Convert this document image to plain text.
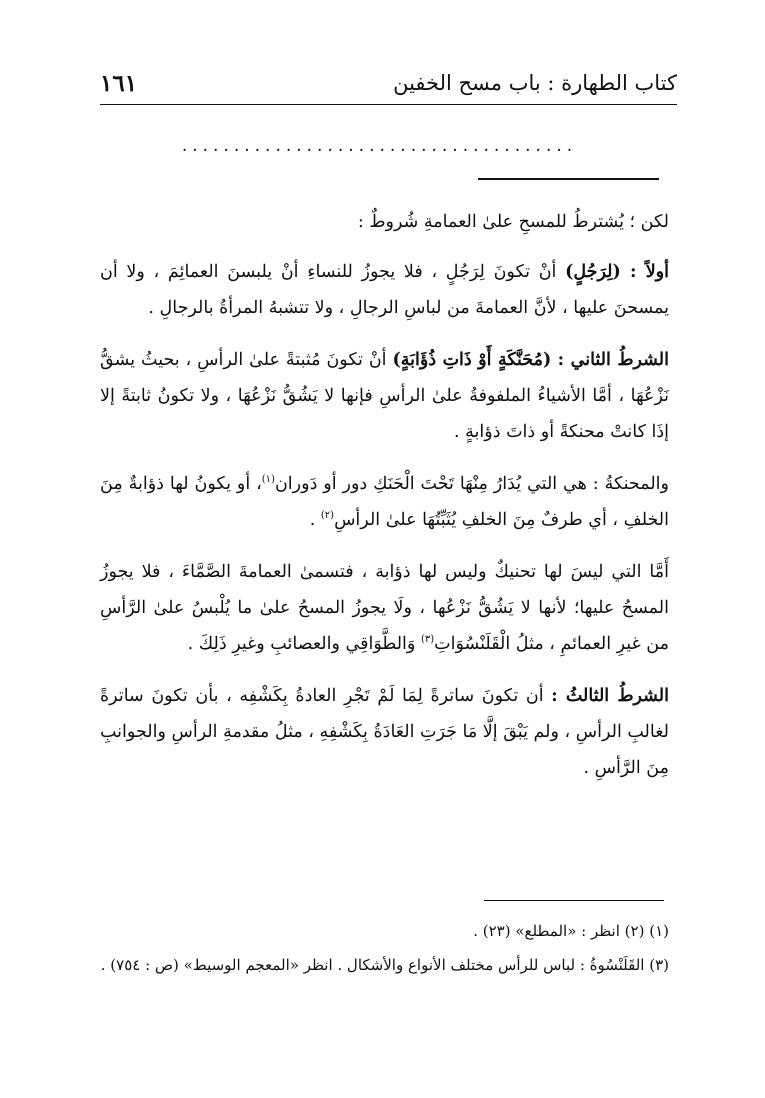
كتاب الطهارة : باب مسح الخفين
١٦١
......................................

لكن ؛ يُشترطُ للمسحِ علىٰ العمامةِ شُروطٌ :

أولاً : (لِرَجُلٍ) أنْ تكونَ لِرَجُلٍ ، فلا يجوزُ للنساءِ أنْ يلبسنَ العمائِمَ ، ولا أن يمسحنَ عليها ، لأنَّ العمامةَ من لباسِ الرجالِ ، ولا تتشبهُ المرأةُ بالرجالِ .

الشرطُ الثاني : (مُحَنَّكَةٍ أَوْ ذَاتِ ذُؤَابَةٍ) أنْ تكونَ مُثبتةً علىٰ الرأسِ ، بحيثُ يشقُّ نَزْعُهَا ، أمَّا الأشياءُ الملفوفةُ علىٰ الرأسِ فإنها لا يَشُقُّ نَزْعُهَا ، ولا تكونُ ثابتةً إلا إذَا كانتْ محنكةً أو ذاتَ ذؤابةٍ .

والمحنكةُ : هي التي يُدَارُ مِنْهَا تَحْتَ الْحَنَكِ دور أو دَوران$^{(١)}$، أو يكونُ لها ذؤابةٌ مِنَ الخلفِ ، أي طرفٌ مِنَ الخلفِ يُثَبِّتُهَا علىٰ الرأسِ$^{(٢)}$ .

أَمَّا التي ليسَ لها تحنيكٌ وليس لها ذؤابة ، فتسمىٰ العمامةَ الصَّمَّاءَ ، فلا يجوزُ المسحُ عليها؛ لأنها لا يَشُقُّ نَزْعُها ، ولَا يجوزُ المسحُ علىٰ ما يُلْبسُ علىٰ الرَّأسِ من غيرِ العمائمِ ، مثلُ الْقَلَنْسُوَاتِ$^{(٣)}$ وَالطَّوَاقِي والعصائبِ وغيرِ ذَلِكَ .

الشرطُ الثالثُ : أن تكونَ ساترةً لِمَا لَمْ تَجْرِ العادةُ بِكَشْفِه ، بأن تكونَ ساترةً لغالبِ الرأسِ ، ولم يَبْقَ إلَّا مَا جَرَتِ العَادَةُ بِكَشْفِهِ ، مثلُ مقدمةِ الرأسِ والجوانبِ مِنَ الرَّأسِ .

(١) (٢) انظر : «المطلع» (٢٣) .

(٣) القَلَنْسُوةُ : لباس للرأس مختلف الأنواع والأشكال . انظر «المعجم الوسيط» (ص : ٧٥٤) .
